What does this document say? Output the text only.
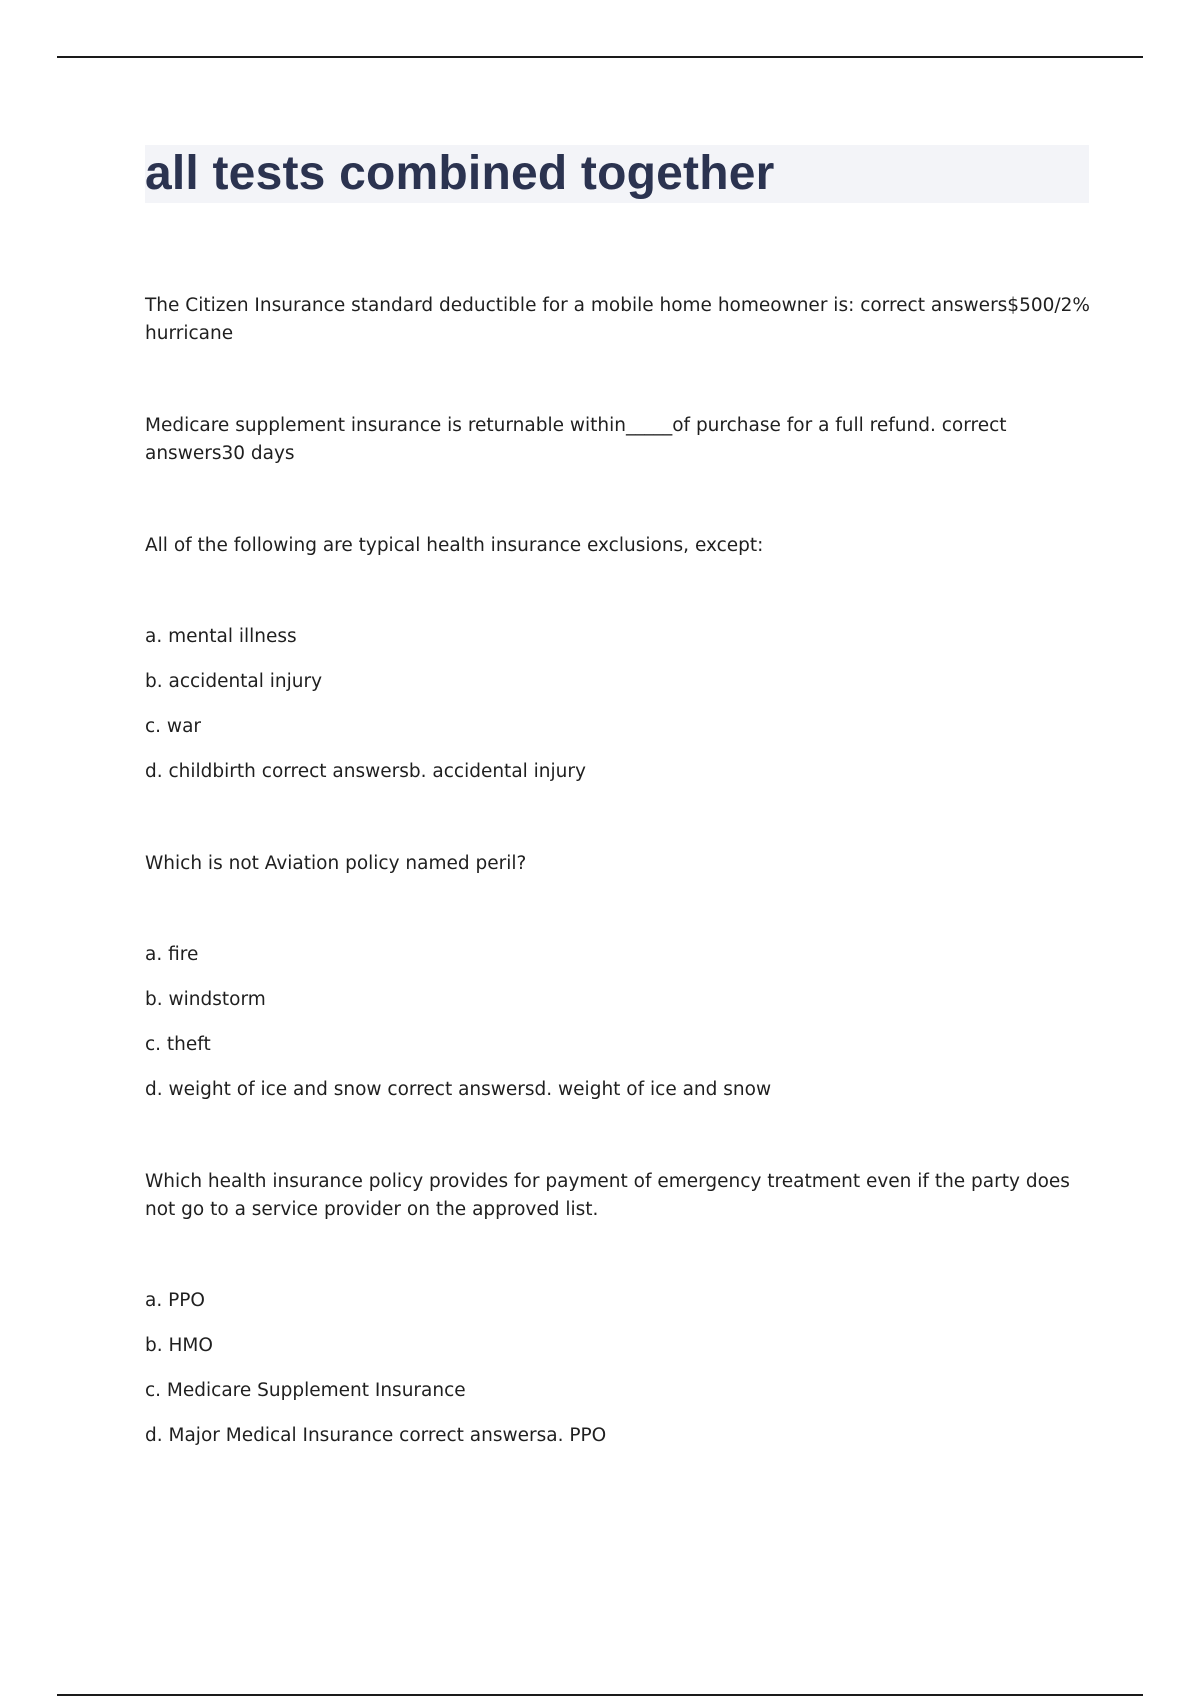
all tests combined together

The Citizen Insurance standard deductible for a mobile home homeowner is: correct answers$500/2% hurricane

Medicare supplement insurance is returnable within_____of purchase for a full refund. correct answers30 days

All of the following are typical health insurance exclusions, except:

a. mental illness
b. accidental injury
c. war
d. childbirth correct answersb. accidental injury

Which is not Aviation policy named peril?

a. fire
b. windstorm
c. theft
d. weight of ice and snow correct answersd. weight of ice and snow

Which health insurance policy provides for payment of emergency treatment even if the party does not go to a service provider on the approved list.

a. PPO
b. HMO
c. Medicare Supplement Insurance
d. Major Medical Insurance correct answersa. PPO
